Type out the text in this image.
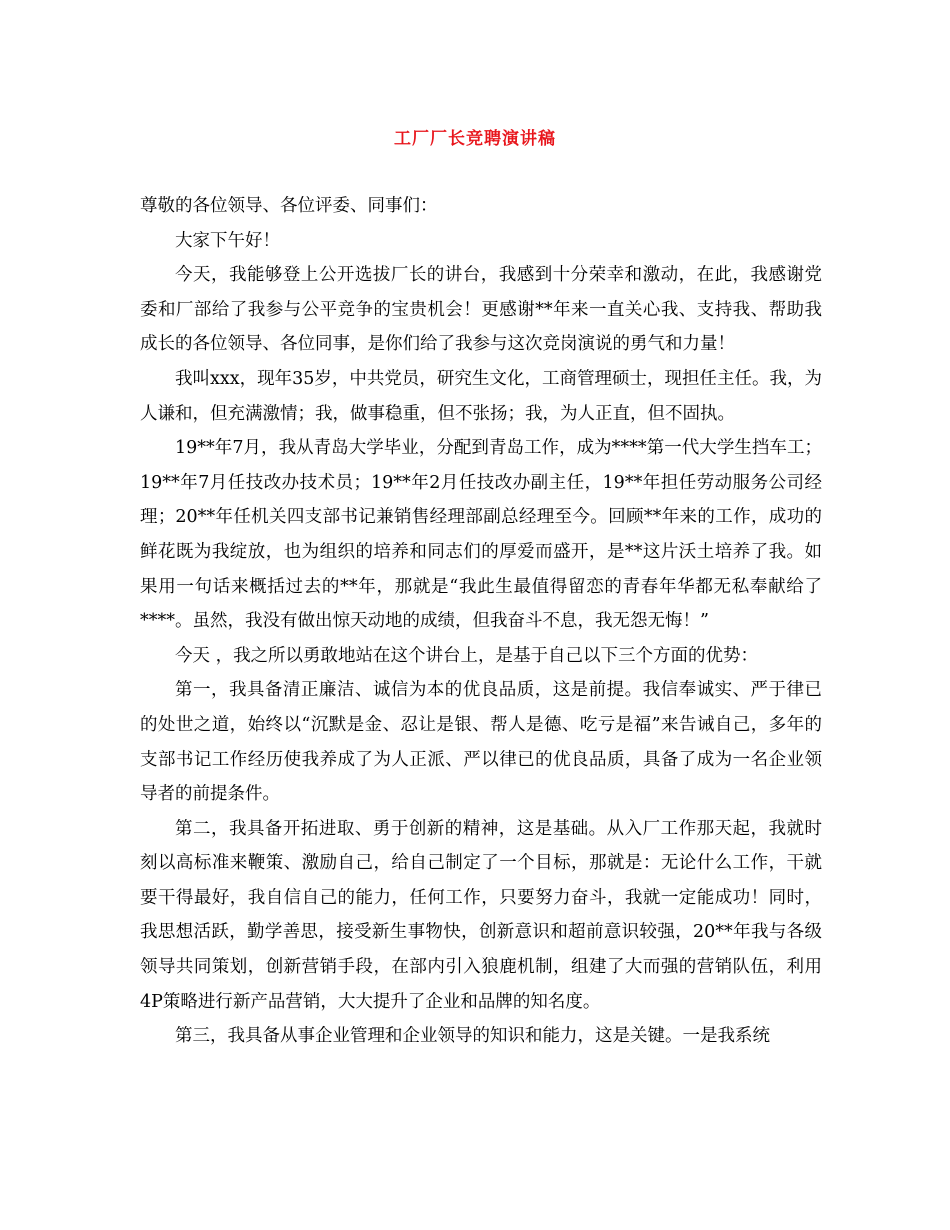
工厂厂长竞聘演讲稿

尊敬的各位领导、各位评委、同事们：

大家下午好！

今天，我能够登上公开选拔厂长的讲台，我感到十分荣幸和激动，在此，我感谢党委和厂部给了我参与公平竞争的宝贵机会！更感谢**年来一直关心我、支持我、帮助我成长的各位领导、各位同事，是你们给了我参与这次竞岗演说的勇气和力量！

我叫xxx，现年35岁，中共党员，研究生文化，工商管理硕士，现担任主任。我，为人谦和，但充满激情；我，做事稳重，但不张扬；我，为人正直，但不固执。

19**年7月，我从青岛大学毕业，分配到青岛工作，成为****第一代大学生挡车工；19**年7月任技改办技术员；19**年2月任技改办副主任，19**年担任劳动服务公司经理；20**年任机关四支部书记兼销售经理部副总经理至今。回顾**年来的工作，成功的鲜花既为我绽放，也为组织的培养和同志们的厚爱而盛开，是**这片沃土培养了我。如果用一句话来概括过去的**年，那就是“我此生最值得留恋的青春年华都无私奉献给了****。虽然，我没有做出惊天动地的成绩，但我奋斗不息，我无怨无悔！”

今天 ，我之所以勇敢地站在这个讲台上，是基于自己以下三个方面的优势：

第一，我具备清正廉洁、诚信为本的优良品质，这是前提。我信奉诚实、严于律已的处世之道，始终以“沉默是金、忍让是银、帮人是德、吃亏是福”来告诫自己，多年的支部书记工作经历使我养成了为人正派、严以律已的优良品质，具备了成为一名企业领导者的前提条件。

第二，我具备开拓进取、勇于创新的精神，这是基础。从入厂工作那天起，我就时刻以高标准来鞭策、激励自己，给自己制定了一个目标，那就是：无论什么工作，干就要干得最好，我自信自己的能力，任何工作，只要努力奋斗，我就一定能成功！同时，我思想活跃，勤学善思，接受新生事物快，创新意识和超前意识较强，20**年我与各级领导共同策划，创新营销手段，在部内引入狼鹿机制，组建了大而强的营销队伍，利用4P策略进行新产品营销，大大提升了企业和品牌的知名度。

第三，我具备从事企业管理和企业领导的知识和能力，这是关键。一是我系统
